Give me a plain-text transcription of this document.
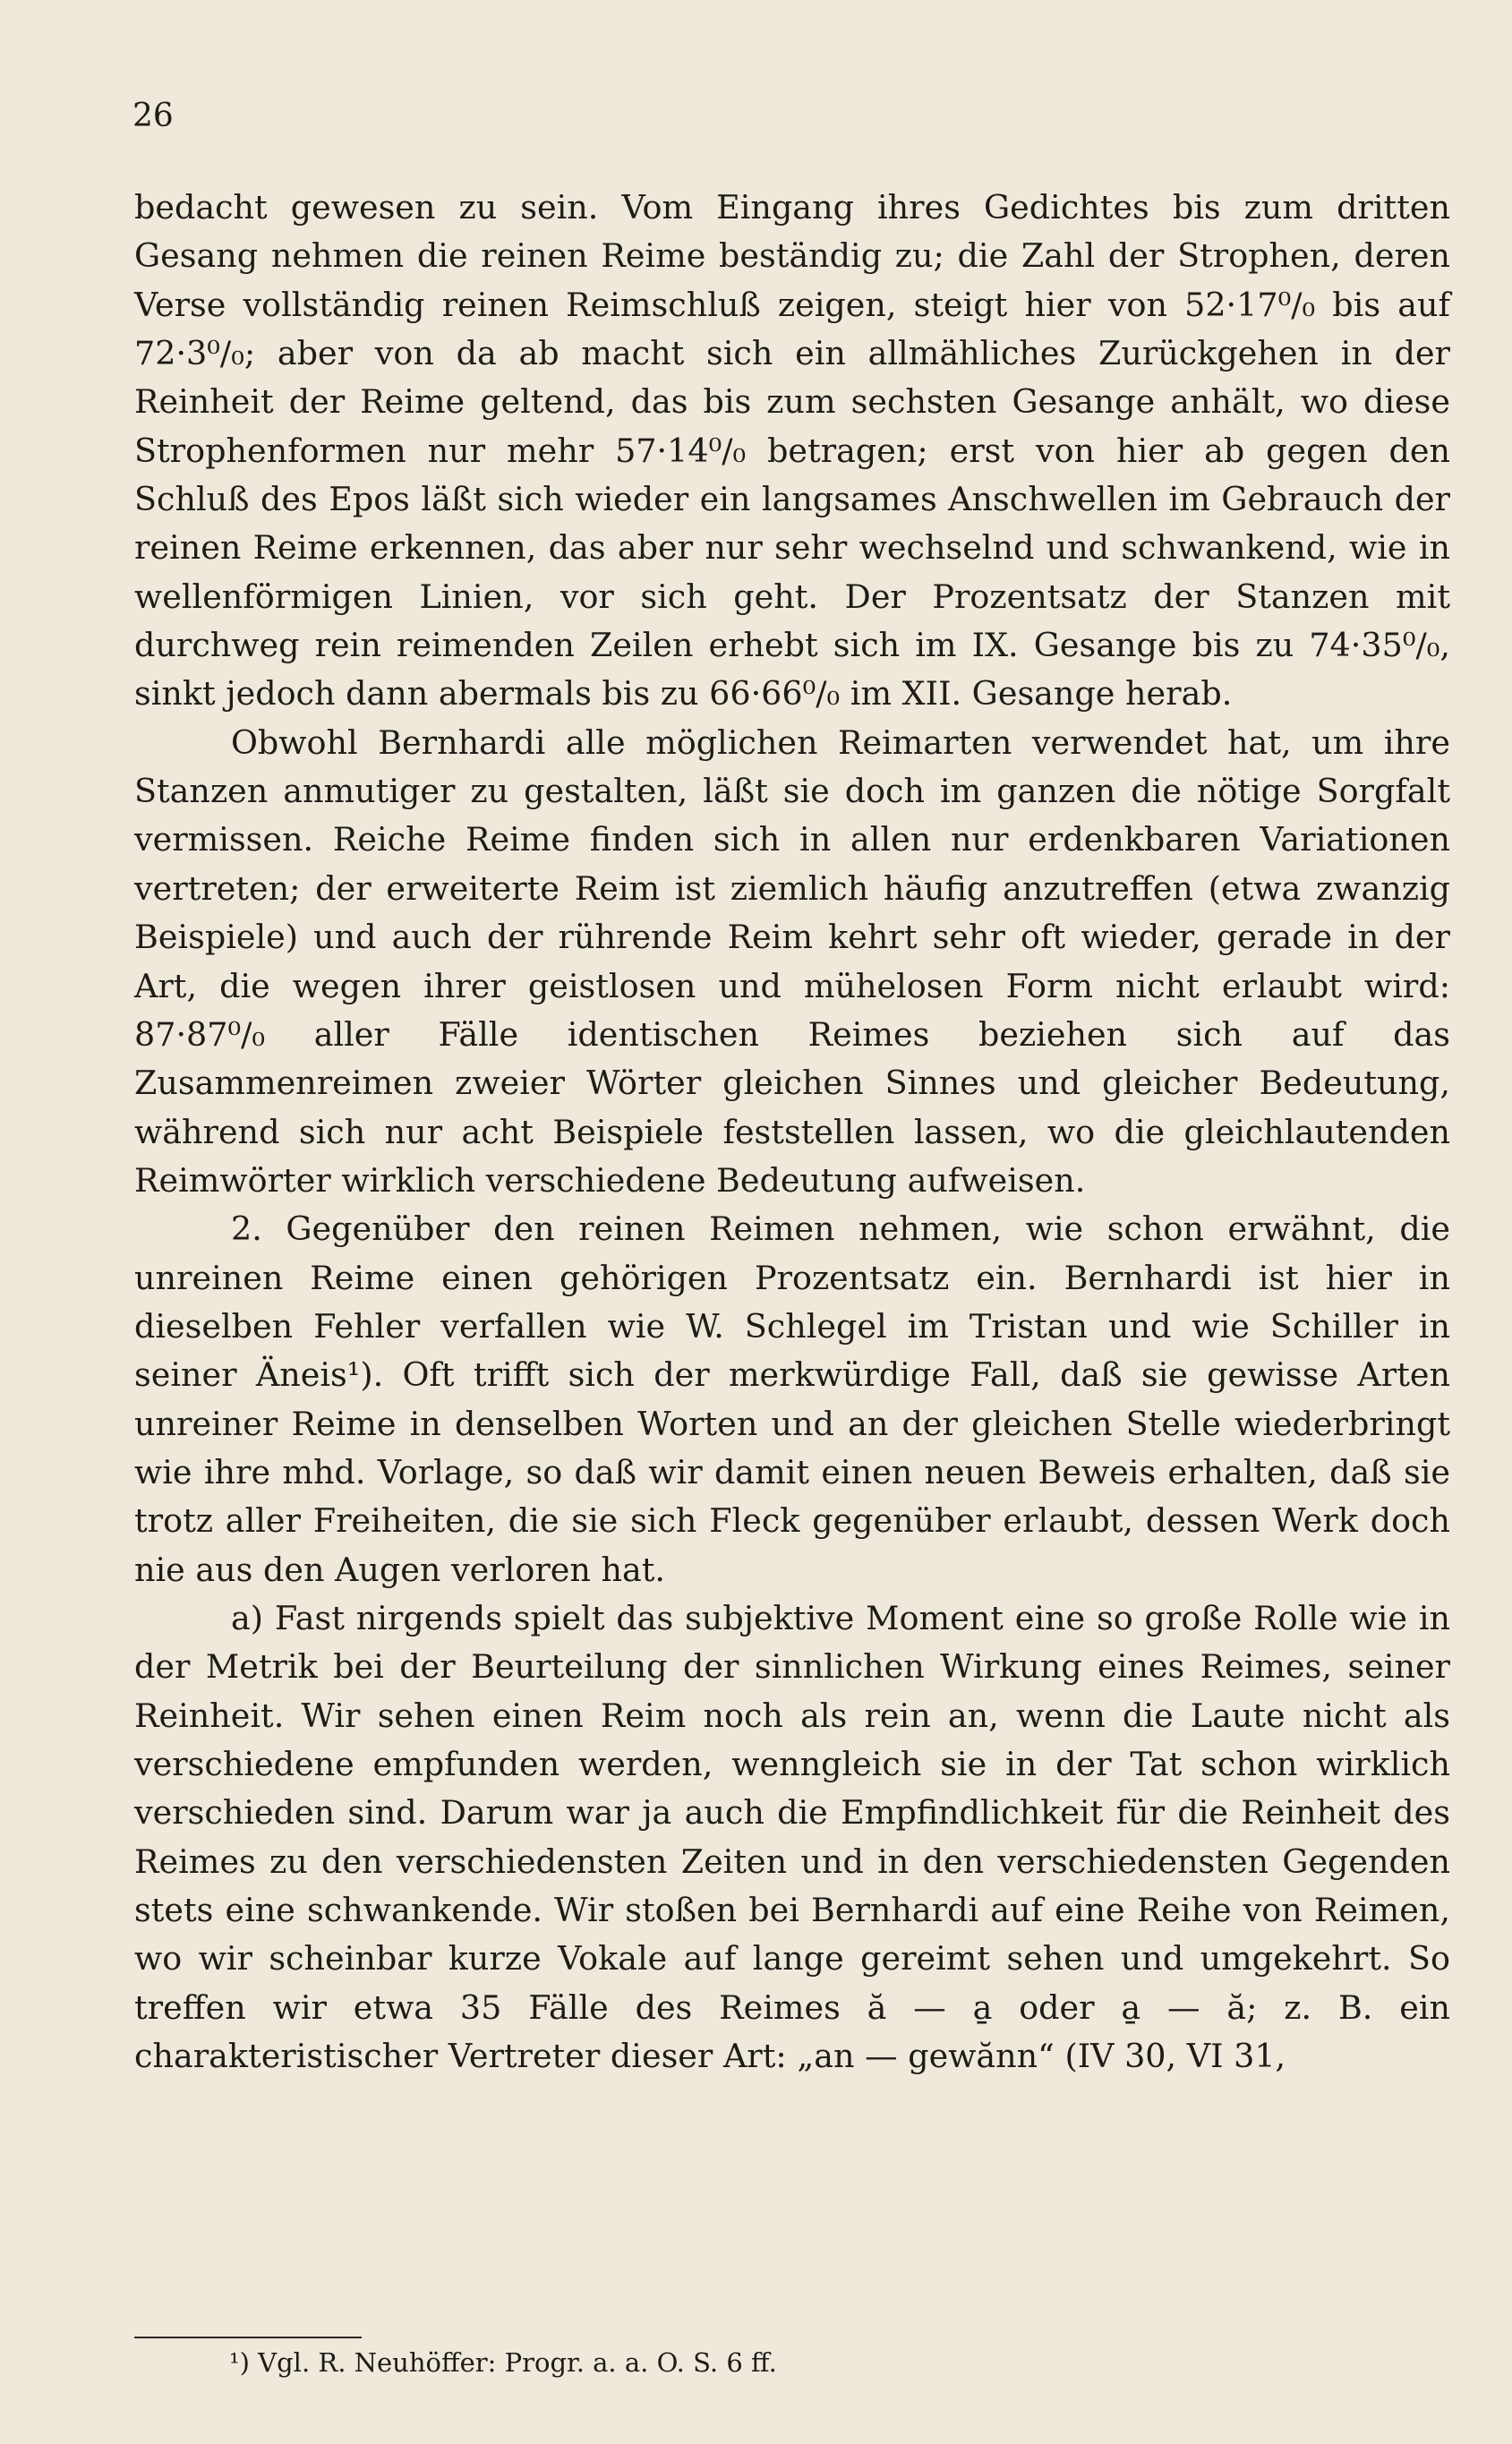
26

bedacht gewesen zu sein. Vom Eingang ihres Gedichtes bis zum dritten Gesang nehmen die reinen Reime beständig zu; die Zahl der Strophen, deren Verse vollständig reinen Reimschluß zeigen, steigt hier von 52·17⁰/₀ bis auf 72·3⁰/₀; aber von da ab macht sich ein allmähliches Zurückgehen in der Reinheit der Reime geltend, das bis zum sechsten Gesange anhält, wo diese Strophenformen nur mehr 57·14⁰/₀ betragen; erst von hier ab gegen den Schluß des Epos läßt sich wieder ein langsames Anschwellen im Gebrauch der reinen Reime erkennen, das aber nur sehr wechselnd und schwankend, wie in wellenförmigen Linien, vor sich geht. Der Prozentsatz der Stanzen mit durchweg rein reimenden Zeilen erhebt sich im IX. Gesange bis zu 74·35⁰/₀, sinkt jedoch dann abermals bis zu 66·66⁰/₀ im XII. Gesange herab.

Obwohl Bernhardi alle möglichen Reimarten verwendet hat, um ihre Stanzen anmutiger zu gestalten, läßt sie doch im ganzen die nötige Sorgfalt vermissen. Reiche Reime finden sich in allen nur erdenkbaren Variationen vertreten; der erweiterte Reim ist ziemlich häufig anzutreffen (etwa zwanzig Beispiele) und auch der rührende Reim kehrt sehr oft wieder, gerade in der Art, die wegen ihrer geistlosen und mühelosen Form nicht erlaubt wird: 87·87⁰/₀ aller Fälle identischen Reimes beziehen sich auf das Zusammenreimen zweier Wörter gleichen Sinnes und gleicher Bedeutung, während sich nur acht Beispiele feststellen lassen, wo die gleichlautenden Reimwörter wirklich verschiedene Bedeutung aufweisen.

2. Gegenüber den reinen Reimen nehmen, wie schon erwähnt, die unreinen Reime einen gehörigen Prozentsatz ein. Bernhardi ist hier in dieselben Fehler verfallen wie W. Schlegel im Tristan und wie Schiller in seiner Äneis¹). Oft trifft sich der merkwürdige Fall, daß sie gewisse Arten unreiner Reime in denselben Worten und an der gleichen Stelle wiederbringt wie ihre mhd. Vorlage, so daß wir damit einen neuen Beweis erhalten, daß sie trotz aller Freiheiten, die sie sich Fleck gegenüber erlaubt, dessen Werk doch nie aus den Augen verloren hat.

a) Fast nirgends spielt das subjektive Moment eine so große Rolle wie in der Metrik bei der Beurteilung der sinnlichen Wirkung eines Reimes, seiner Reinheit. Wir sehen einen Reim noch als rein an, wenn die Laute nicht als verschiedene empfunden werden, wenngleich sie in der Tat schon wirklich verschieden sind. Darum war ja auch die Empfindlichkeit für die Reinheit des Reimes zu den verschiedensten Zeiten und in den verschiedensten Gegenden stets eine schwankende. Wir stoßen bei Bernhardi auf eine Reihe von Reimen, wo wir scheinbar kurze Vokale auf lange gereimt sehen und umgekehrt. So treffen wir etwa 35 Fälle des Reimes ă — a̱ oder a̱ — ă; z. B. ein charakteristischer Vertreter dieser Art: „an — gewănn“ (IV 30, VI 31,

¹) Vgl. R. Neuhöffer: Progr. a. a. O. S. 6 ff.
